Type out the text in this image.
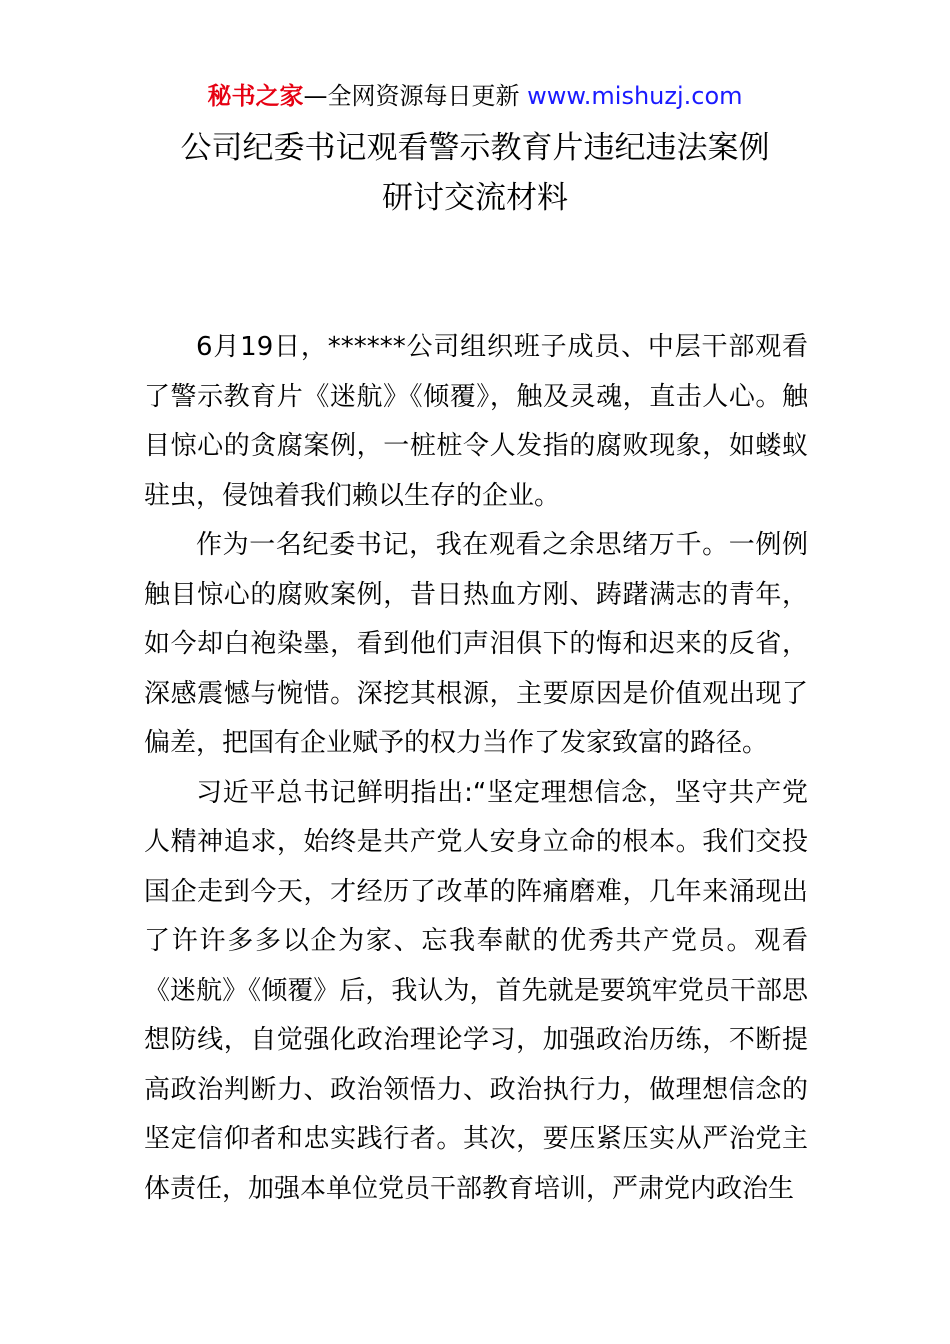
秘书之家—全网资源每日更新 www.mishuzj.com
公司纪委书记观看警示教育片违纪违法案例
研讨交流材料

6月19日，******公司组织班子成员、中层干部观看了警示教育片《迷航》《倾覆》，触及灵魂，直击人心。触目惊心的贪腐案例，一桩桩令人发指的腐败现象，如蝼蚁驻虫，侵蚀着我们赖以生存的企业。

作为一名纪委书记，我在观看之余思绪万千。一例例触目惊心的腐败案例，昔日热血方刚、踌躇满志的青年，如今却白袍染墨，看到他们声泪俱下的悔和迟来的反省，深感震憾与惋惜。深挖其根源，主要原因是价值观出现了偏差，把国有企业赋予的权力当作了发家致富的路径。

习近平总书记鲜明指出:“坚定理想信念，坚守共产党人精神追求，始终是共产党人安身立命的根本。我们交投国企走到今天，才经历了改革的阵痛磨难，几年来涌现出了许许多多以企为家、忘我奉献的优秀共产党员。观看《迷航》《倾覆》后，我认为，首先就是要筑牢党员干部思想防线，自觉强化政治理论学习，加强政治历练，不断提高政治判断力、政治领悟力、政治执行力，做理想信念的坚定信仰者和忠实践行者。其次，要压紧压实从严治党主体责任，加强本单位党员干部教育培训，严肃党内政治生
